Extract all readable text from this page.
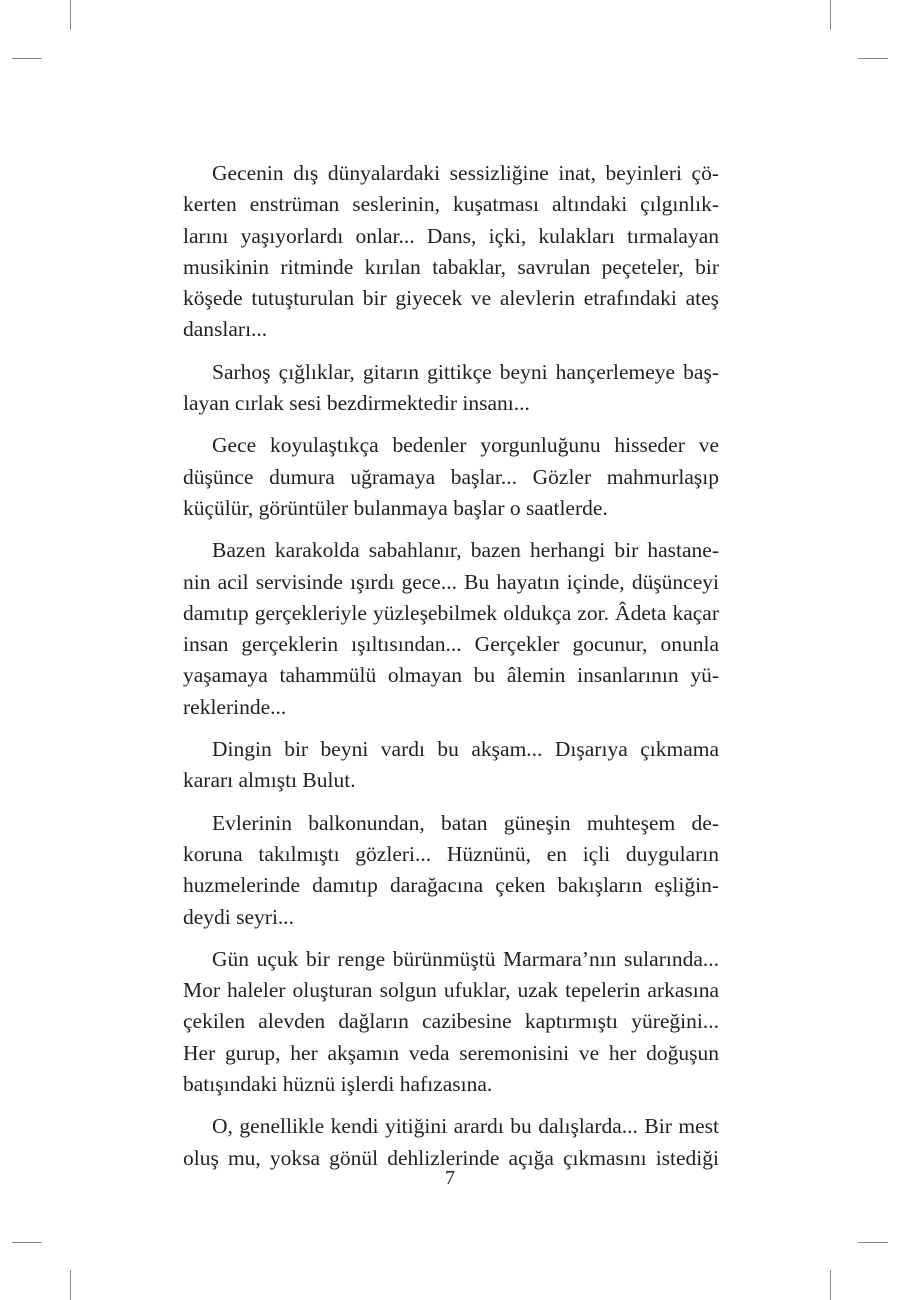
Gecenin dış dünyalardaki sessizliğine inat, beyinleri çö-
kerten enstrüman seslerinin, kuşatması altındaki çılgınlık-
larını yaşıyorlardı onlar... Dans, içki, kulakları tırmalayan
musikinin ritminde kırılan tabaklar, savrulan peçeteler, bir
köşede tutuşturulan bir giyecek ve alevlerin etrafındaki ateş
dansları...
Sarhoş çığlıklar, gitarın gittikçe beyni hançerlemeye baş-
layan cırlak sesi bezdirmektedir insanı...
Gece koyulaştıkça bedenler yorgunluğunu hisseder ve
düşünce dumura uğramaya başlar... Gözler mahmurlaşıp
küçülür, görüntüler bulanmaya başlar o saatlerde.
Bazen karakolda sabahlanır, bazen herhangi bir hastane-
nin acil servisinde ışırdı gece... Bu hayatın içinde, düşünceyi
damıtıp gerçekleriyle yüzleşebilmek oldukça zor. Âdeta kaçar
insan gerçeklerin ışıltısından... Gerçekler gocunur, onunla
yaşamaya tahammülü olmayan bu âlemin insanlarının yü-
reklerinde...
Dingin bir beyni vardı bu akşam... Dışarıya çıkmama
kararı almıştı Bulut.
Evlerinin balkonundan, batan güneşin muhteşem de-
koruna takılmıştı gözleri... Hüznünü, en içli duyguların
huzmelerinde damıtıp darağacına çeken bakışların eşliğin-
deydi seyri...
Gün uçuk bir renge bürünmüştü Marmara’nın sularında...
Mor haleler oluşturan solgun ufuklar, uzak tepelerin arkasına
çekilen alevden dağların cazibesine kaptırmıştı yüreğini...
Her gurup, her akşamın veda seremonisini ve her doğuşun
batışındaki hüznü işlerdi hafızasına.
O, genellikle kendi yitiğini arardı bu dalışlarda... Bir mest
oluş mu, yoksa gönül dehlizlerinde açığa çıkmasını istediği
7
